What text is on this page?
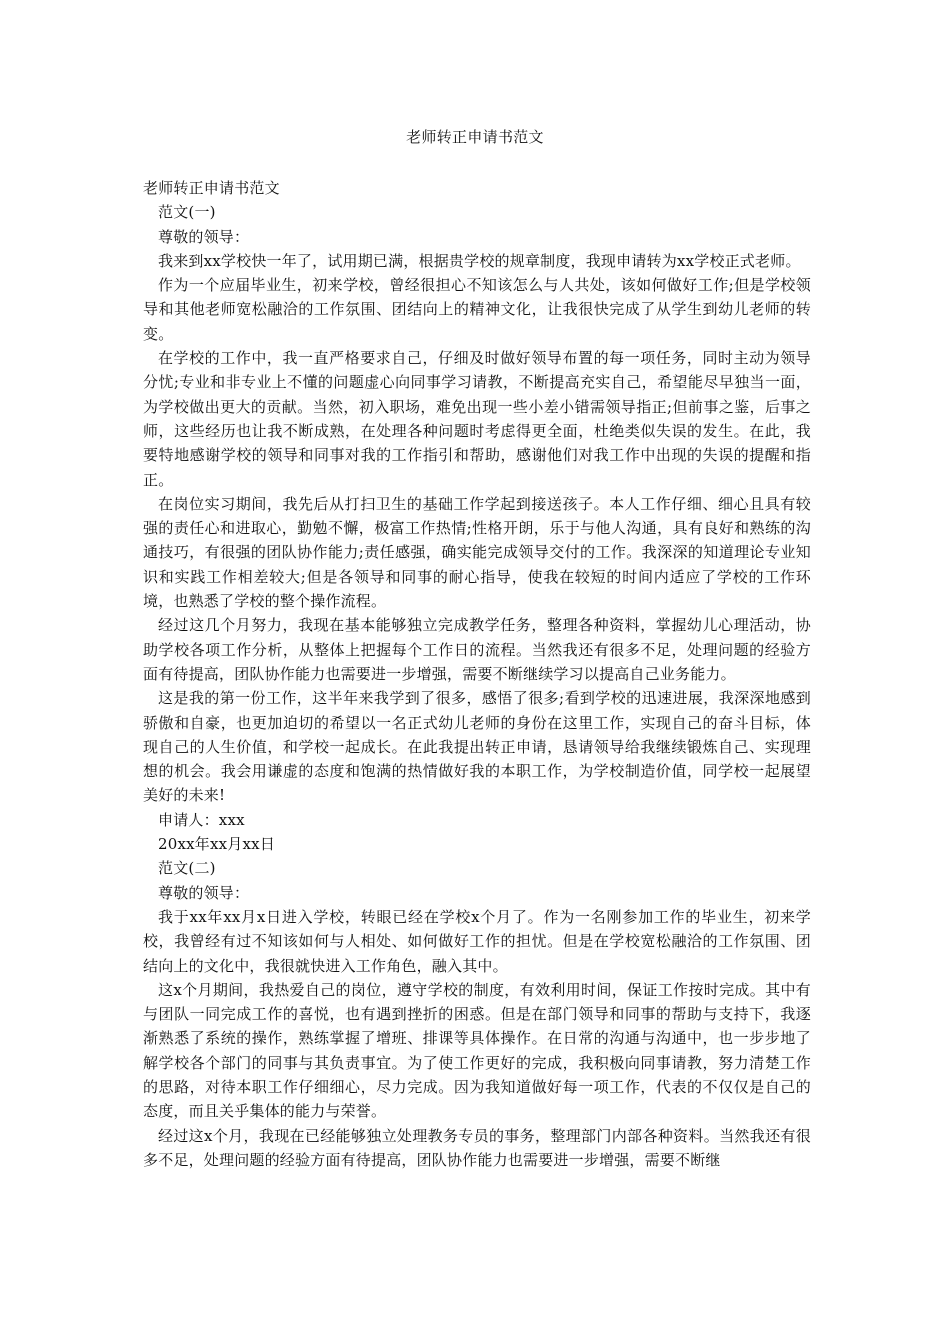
老师转正申请书范文

老师转正申请书范文

范文(一)

尊敬的领导：

我来到xx学校快一年了，试用期已满，根据贵学校的规章制度，我现申请转为xx学校正式老师。

作为一个应届毕业生，初来学校，曾经很担心不知该怎么与人共处，该如何做好工作;但是学校领导和其他老师宽松融洽的工作氛围、团结向上的精神文化，让我很快完成了从学生到幼儿老师的转变。

在学校的工作中，我一直严格要求自己，仔细及时做好领导布置的每一项任务，同时主动为领导分忧;专业和非专业上不懂的问题虚心向同事学习请教，不断提高充实自己，希望能尽早独当一面，为学校做出更大的贡献。当然，初入职场，难免出现一些小差小错需领导指正;但前事之鉴，后事之师，这些经历也让我不断成熟，在处理各种问题时考虑得更全面，杜绝类似失误的发生。在此，我要特地感谢学校的领导和同事对我的工作指引和帮助，感谢他们对我工作中出现的失误的提醒和指正。

在岗位实习期间，我先后从打扫卫生的基础工作学起到接送孩子。本人工作仔细、细心且具有较强的责任心和进取心，勤勉不懈，极富工作热情;性格开朗，乐于与他人沟通，具有良好和熟练的沟通技巧，有很强的团队协作能力;责任感强，确实能完成领导交付的工作。我深深的知道理论专业知识和实践工作相差较大;但是各领导和同事的耐心指导，使我在较短的时间内适应了学校的工作环境，也熟悉了学校的整个操作流程。

经过这几个月努力，我现在基本能够独立完成教学任务，整理各种资料，掌握幼儿心理活动，协助学校各项工作分析，从整体上把握每个工作日的流程。当然我还有很多不足，处理问题的经验方面有待提高，团队协作能力也需要进一步增强，需要不断继续学习以提高自己业务能力。

这是我的第一份工作，这半年来我学到了很多，感悟了很多;看到学校的迅速进展，我深深地感到骄傲和自豪，也更加迫切的希望以一名正式幼儿老师的身份在这里工作，实现自己的奋斗目标，体现自己的人生价值，和学校一起成长。在此我提出转正申请，恳请领导给我继续锻炼自己、实现理想的机会。我会用谦虚的态度和饱满的热情做好我的本职工作，为学校制造价值，同学校一起展望美好的未来!

申请人：xxx

20xx年xx月xx日

范文(二)

尊敬的领导：

我于xx年xx月x日进入学校，转眼已经在学校x个月了。作为一名刚参加工作的毕业生，初来学校，我曾经有过不知该如何与人相处、如何做好工作的担忧。但是在学校宽松融洽的工作氛围、团结向上的文化中，我很就快进入工作角色，融入其中。

这x个月期间，我热爱自己的岗位，遵守学校的制度，有效利用时间，保证工作按时完成。其中有与团队一同完成工作的喜悦，也有遇到挫折的困惑。但是在部门领导和同事的帮助与支持下，我逐渐熟悉了系统的操作，熟练掌握了增班、排课等具体操作。在日常的沟通与沟通中，也一步步地了解学校各个部门的同事与其负责事宜。为了使工作更好的完成，我积极向同事请教，努力清楚工作的思路，对待本职工作仔细细心，尽力完成。因为我知道做好每一项工作，代表的不仅仅是自己的态度，而且关乎集体的能力与荣誉。

经过这x个月，我现在已经能够独立处理教务专员的事务，整理部门内部各种资料。当然我还有很多不足，处理问题的经验方面有待提高，团队协作能力也需要进一步增强，需要不断继
